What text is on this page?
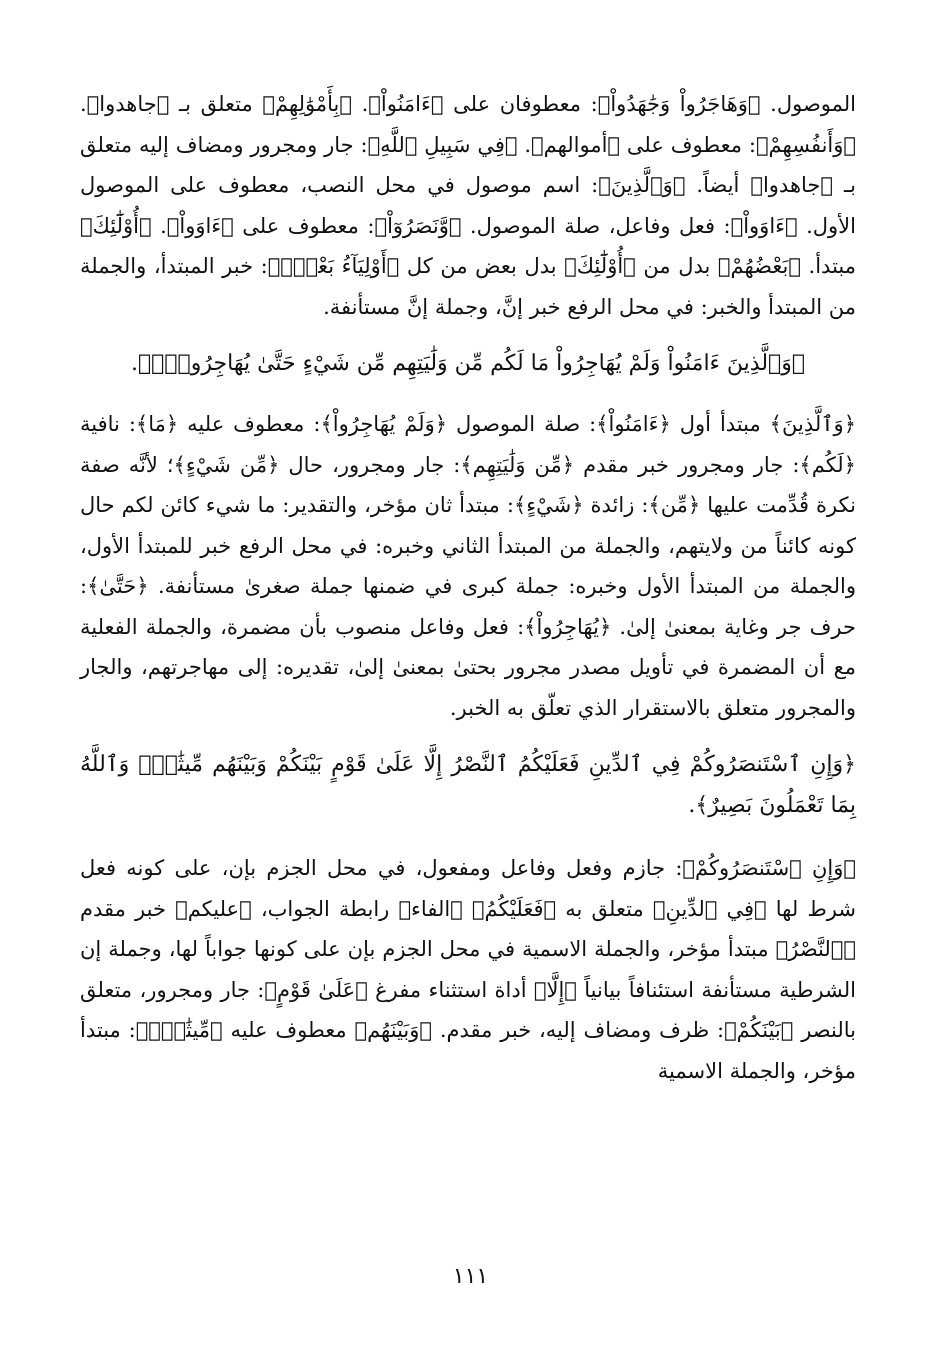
الموصول. ﴿وَهَاجَرُواْ وَجَٰهَدُواْ﴾: معطوفان على ﴿ءَامَنُواْ﴾. ﴿بِأَمْوَٰلِهِمْ﴾ متعلق بـ ﴿جاهدوا﴾. ﴿وَأَنفُسِهِمْ﴾: معطوف على ﴿أموالهم﴾. ﴿فِي سَبِيلِ ٱللَّهِ﴾: جار ومجرور ومضاف إليه متعلق بـ ﴿جاهدوا﴾ أيضاً. ﴿وَٱلَّذِينَ﴾: اسم موصول في محل النصب، معطوف على الموصول الأول. ﴿ءَاوَواْ﴾: فعل وفاعل، صلة الموصول. ﴿وَّنَصَرُوٓاْ﴾: معطوف على ﴿ءَاوَواْ﴾. ﴿أُوْلَٰٓئِكَ﴾ مبتدأ. ﴿بَعْضُهُمْ﴾ بدل من ﴿أُوْلَٰٓئِكَ﴾ بدل بعض من كل ﴿أَوْلِيَآءُ بَعْضٍۚ﴾: خبر المبتدأ، والجملة من المبتدأ والخبر: في محل الرفع خبر إنَّ، وجملة إنَّ مستأنفة.

﴿وَٱلَّذِينَ ءَامَنُواْ وَلَمْ يُهَاجِرُواْ مَا لَكُم مِّن وَلَٰيَتِهِم مِّن شَيْءٍ حَتَّىٰ يُهَاجِرُواْۚ﴾.

﴿وَٱلَّذِينَ﴾ مبتدأ أول ﴿ءَامَنُواْ﴾: صلة الموصول ﴿وَلَمْ يُهَاجِرُواْ﴾: معطوف عليه ﴿مَا﴾: نافية ﴿لَكُم﴾: جار ومجرور خبر مقدم ﴿مِّن وَلَٰيَتِهِم﴾: جار ومجرور، حال ﴿مِّن شَيْءٍ﴾؛ لأنَّه صفة نكرة قُدِّمت عليها ﴿مِّن﴾: زائدة ﴿شَيْءٍ﴾: مبتدأ ثان مؤخر، والتقدير: ما شيء كائن لكم حال كونه كائناً من ولايتهم، والجملة من المبتدأ الثاني وخبره: في محل الرفع خبر للمبتدأ الأول، والجملة من المبتدأ الأول وخبره: جملة كبرى في ضمنها جملة صغرىٰ مستأنفة. ﴿حَتَّىٰ﴾: حرف جر وغاية بمعنىٰ إلىٰ. ﴿يُهَاجِرُواْ﴾: فعل وفاعل منصوب بأن مضمرة، والجملة الفعلية مع أن المضمرة في تأويل مصدر مجرور بحتىٰ بمعنىٰ إلىٰ، تقديره: إلى مهاجرتهم، والجار والمجرور متعلق بالاستقرار الذي تعلّق به الخبر.

﴿وَإِنِ ٱسْتَنصَرُوكُمْ فِي ٱلدِّينِ فَعَلَيْكُمُ ٱلنَّصْرُ إِلَّا عَلَىٰ قَوْمٍ بَيْنَكُمْ وَبَيْنَهُم مِّيثَٰقٌۗ وَٱللَّهُ بِمَا تَعْمَلُونَ بَصِيرٌ﴾.

﴿وَإِنِ ٱسْتَنصَرُوكُمْ﴾: جازم وفعل وفاعل ومفعول، في محل الجزم بإن، على كونه فعل شرط لها ﴿فِي ٱلدِّينِ﴾ متعلق به ﴿فَعَلَيْكُمُ﴾ ﴿الفاء﴾ رابطة الجواب، ﴿عليكم﴾ خبر مقدم ﴿ٱلنَّصْرُ﴾ مبتدأ مؤخر، والجملة الاسمية في محل الجزم بإن على كونها جواباً لها، وجملة إن الشرطية مستأنفة استئنافاً بيانياً ﴿إِلَّا﴾ أداة استثناء مفرغ ﴿عَلَىٰ قَوْمٍ﴾: جار ومجرور، متعلق بالنصر ﴿بَيْنَكُمْ﴾: ظرف ومضاف إليه، خبر مقدم. ﴿وَبَيْنَهُم﴾ معطوف عليه ﴿مِّيثَٰقٌۗ﴾: مبتدأ مؤخر، والجملة الاسمية

١١١
